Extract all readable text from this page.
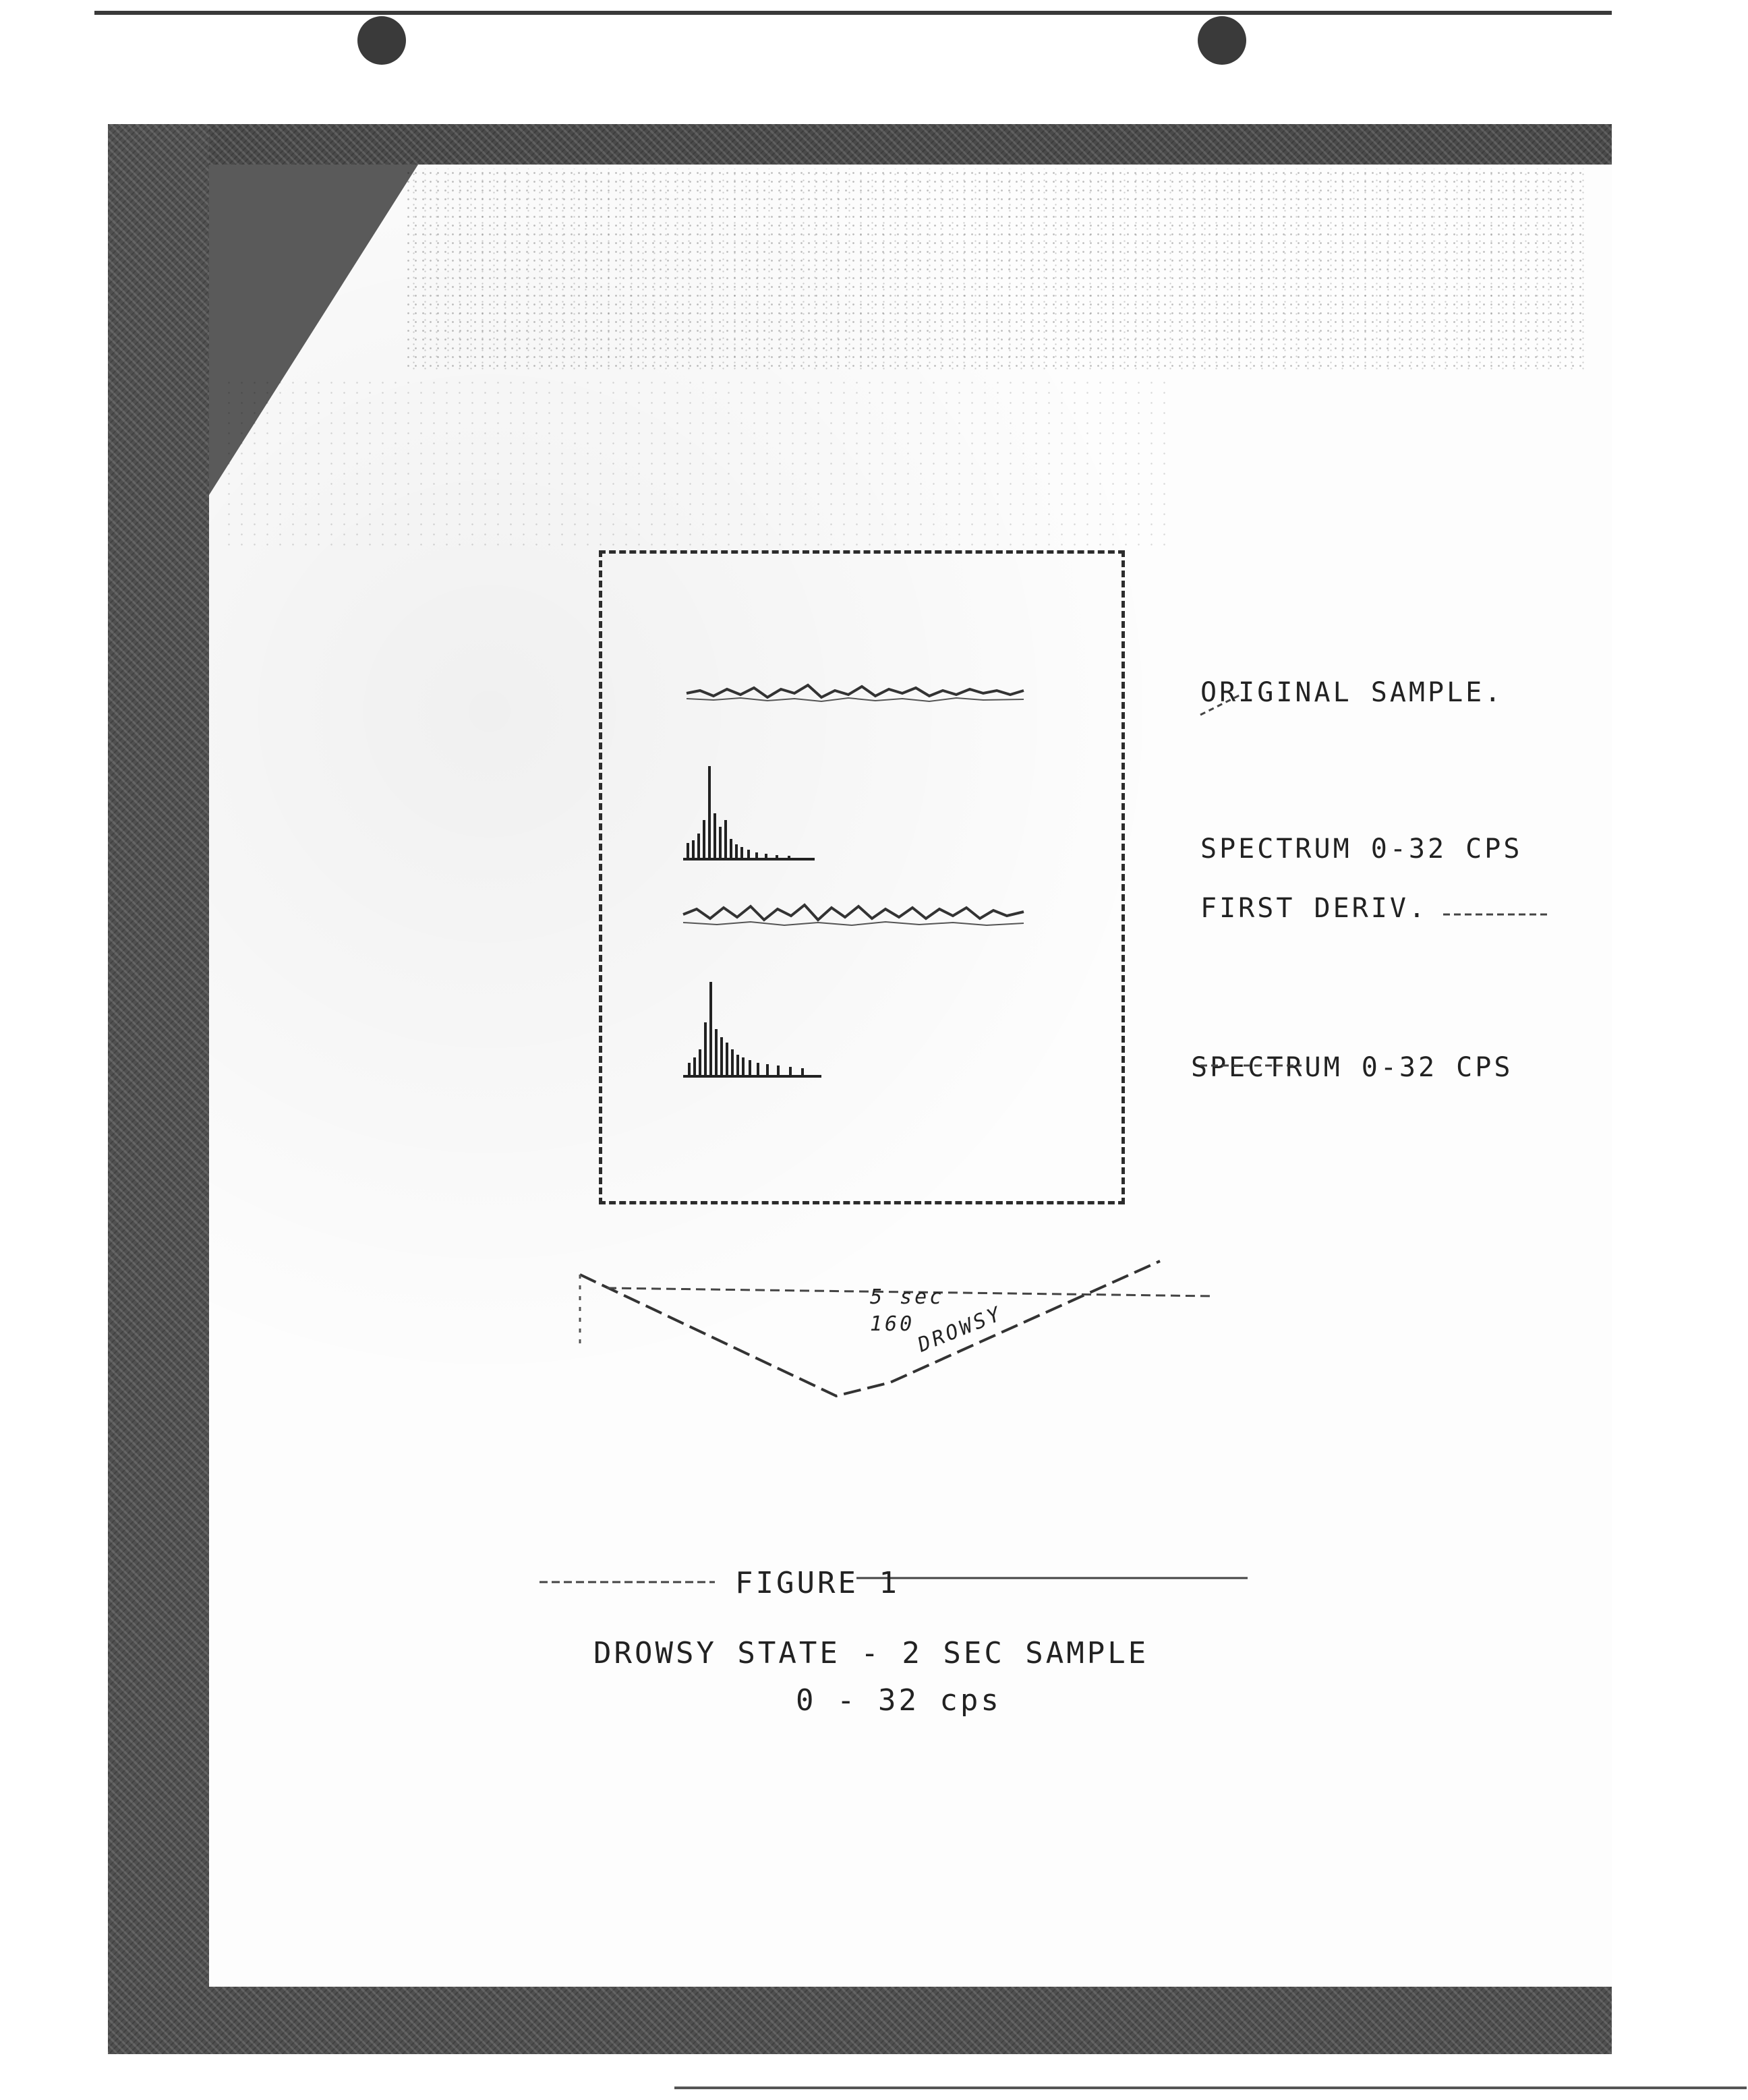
ORIGINAL SAMPLE.
SPECTRUM 0-32 CPS
FIRST DERIV.
SPECTRUM 0-32 CPS
5 sec
160 DROWSY
FIGURE 1
DROWSY STATE - 2 SEC SAMPLE
0 - 32 cps
